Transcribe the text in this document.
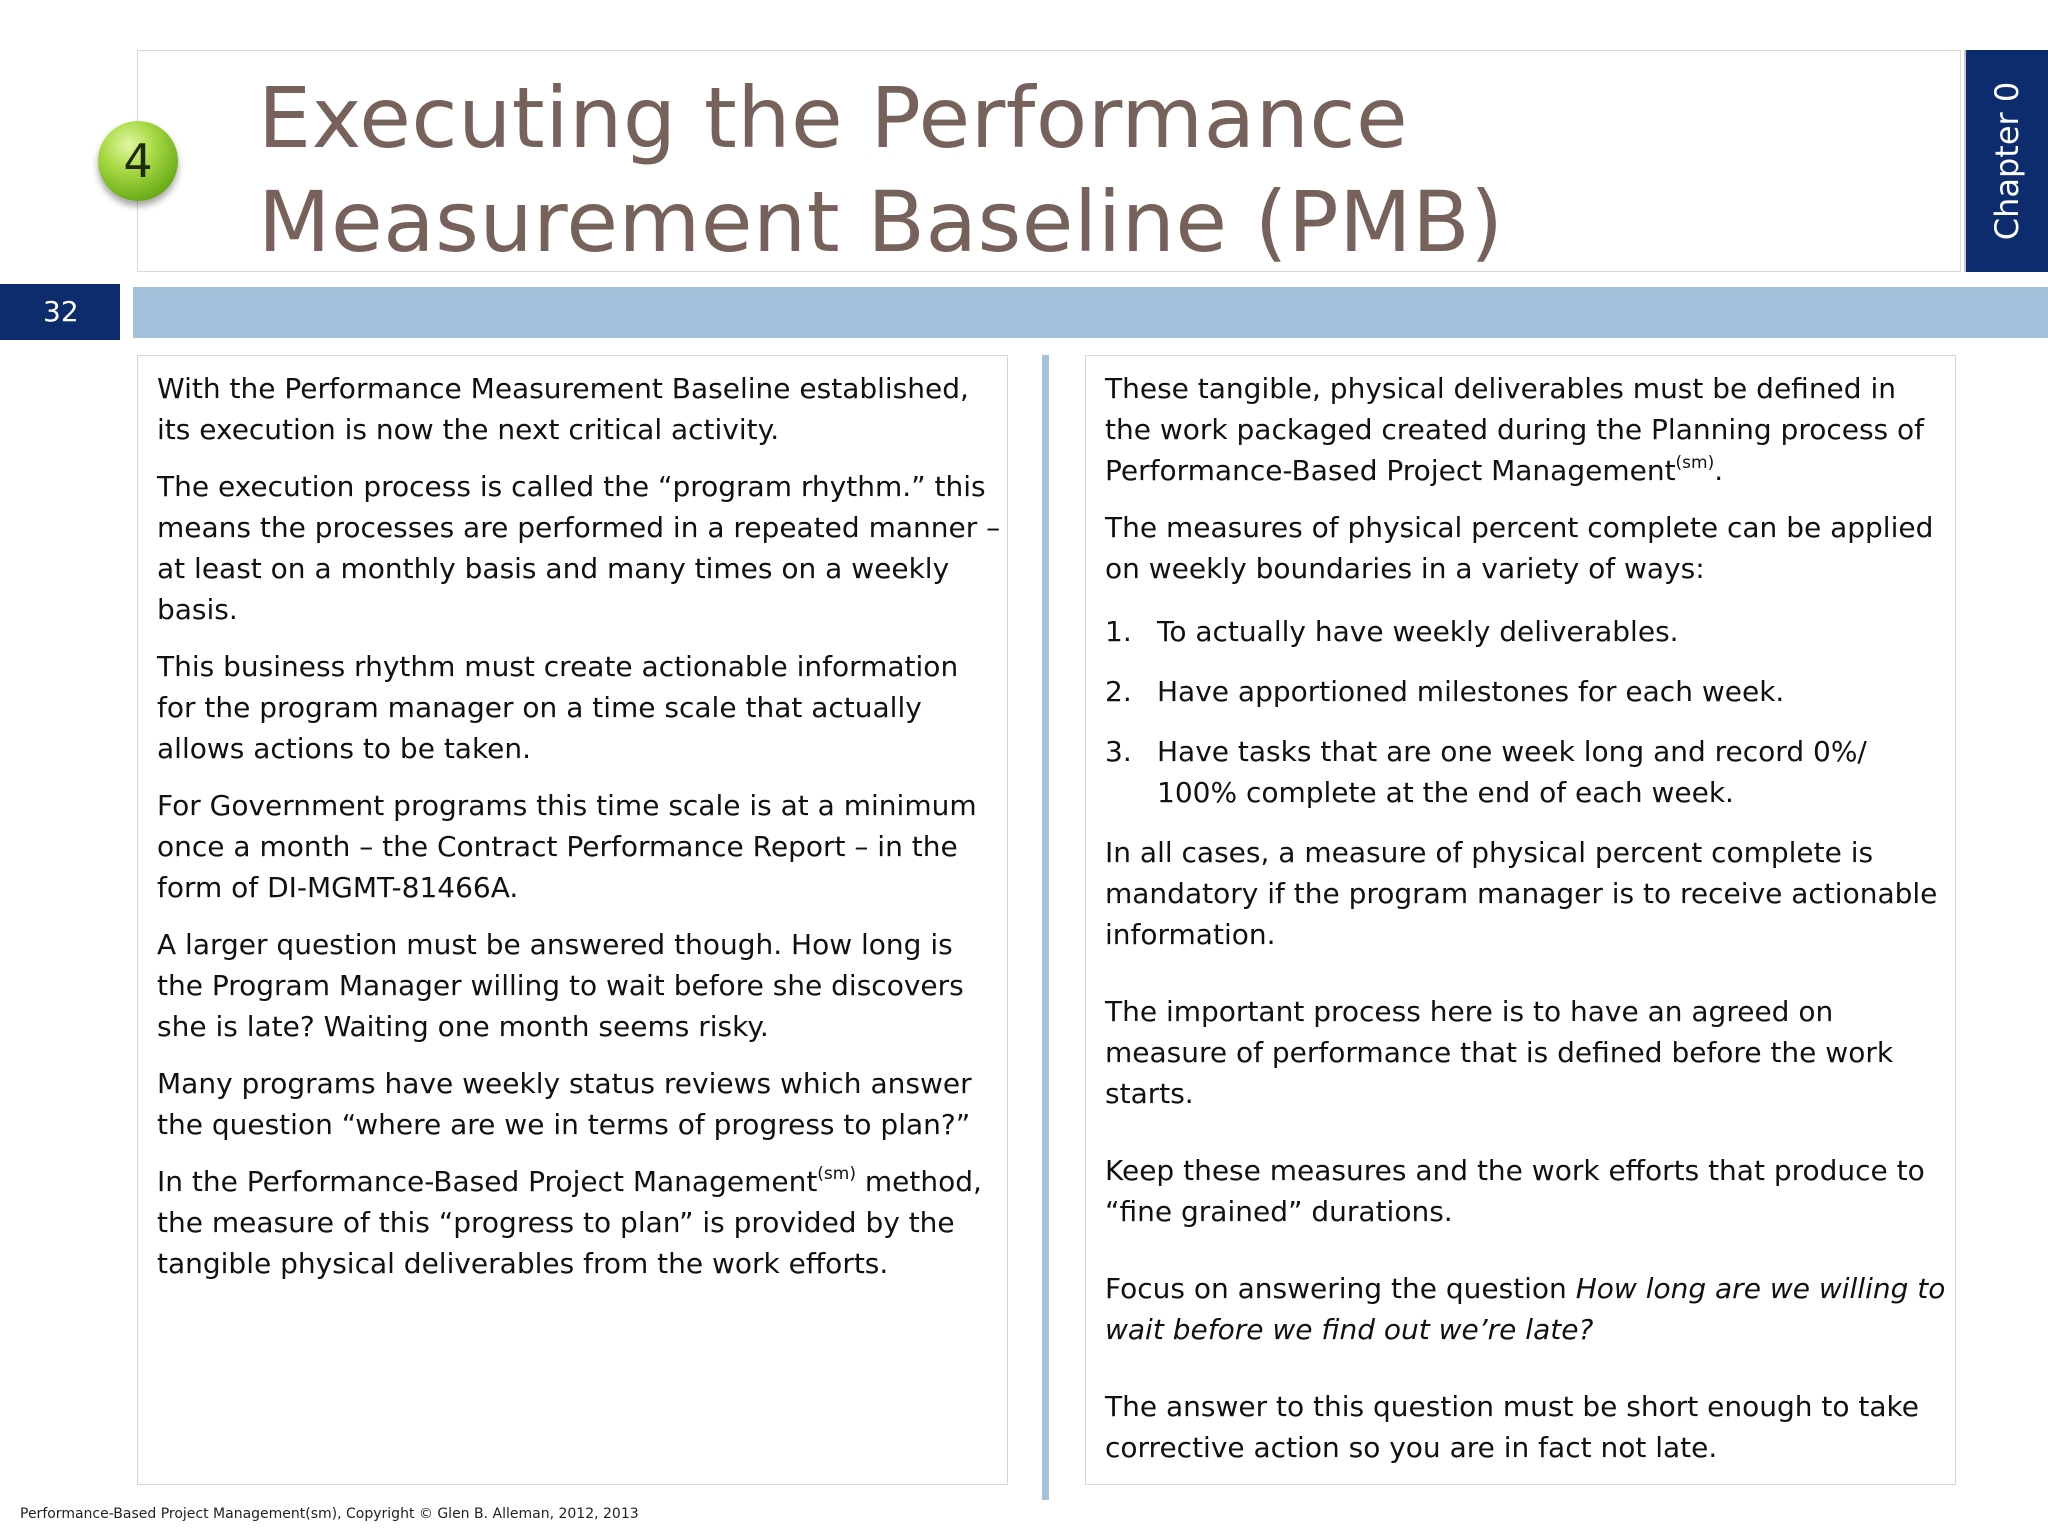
Executing the Performance Measurement Baseline (PMB)
4	Chapter 0
32

With the Performance Measurement Baseline established, its execution is now the next critical activity.

The execution process is called the “program rhythm.” this means the processes are performed in a repeated manner – at least on a monthly basis and many times on a weekly basis.

This business rhythm must create actionable information for the program manager on a time scale that actually allows actions to be taken.

For Government programs this time scale is at a minimum once a month – the Contract Performance Report – in the form of DI-MGMT-81466A.

A larger question must be answered though. How long is the Program Manager willing to wait before she discovers she is late? Waiting one month seems risky.

Many programs have weekly status reviews which answer the question “where are we in terms of progress to plan?”

In the Performance-Based Project Management$^{(sm)}$ method, the measure of this “progress to plan” is provided by the tangible physical deliverables from the work efforts.

These tangible, physical deliverables must be defined in the work packaged created during the Planning process of Performance-Based Project Management$^{(sm)}$.

The measures of physical percent complete can be applied on weekly boundaries in a variety of ways:

1. To actually have weekly deliverables.
2. Have apportioned milestones for each week.
3. Have tasks that are one week long and record 0%/ 100% complete at the end of each week.

In all cases, a measure of physical percent complete is mandatory if the program manager is to receive actionable information.

The important process here is to have an agreed on measure of performance that is defined before the work starts.

Keep these measures and the work efforts that produce to “fine grained” durations.

Focus on answering the question How long are we willing to wait before we find out we’re late?

The answer to this question must be short enough to take corrective action so you are in fact not late.

Performance-Based Project Management(sm), Copyright © Glen B. Alleman, 2012, 2013
